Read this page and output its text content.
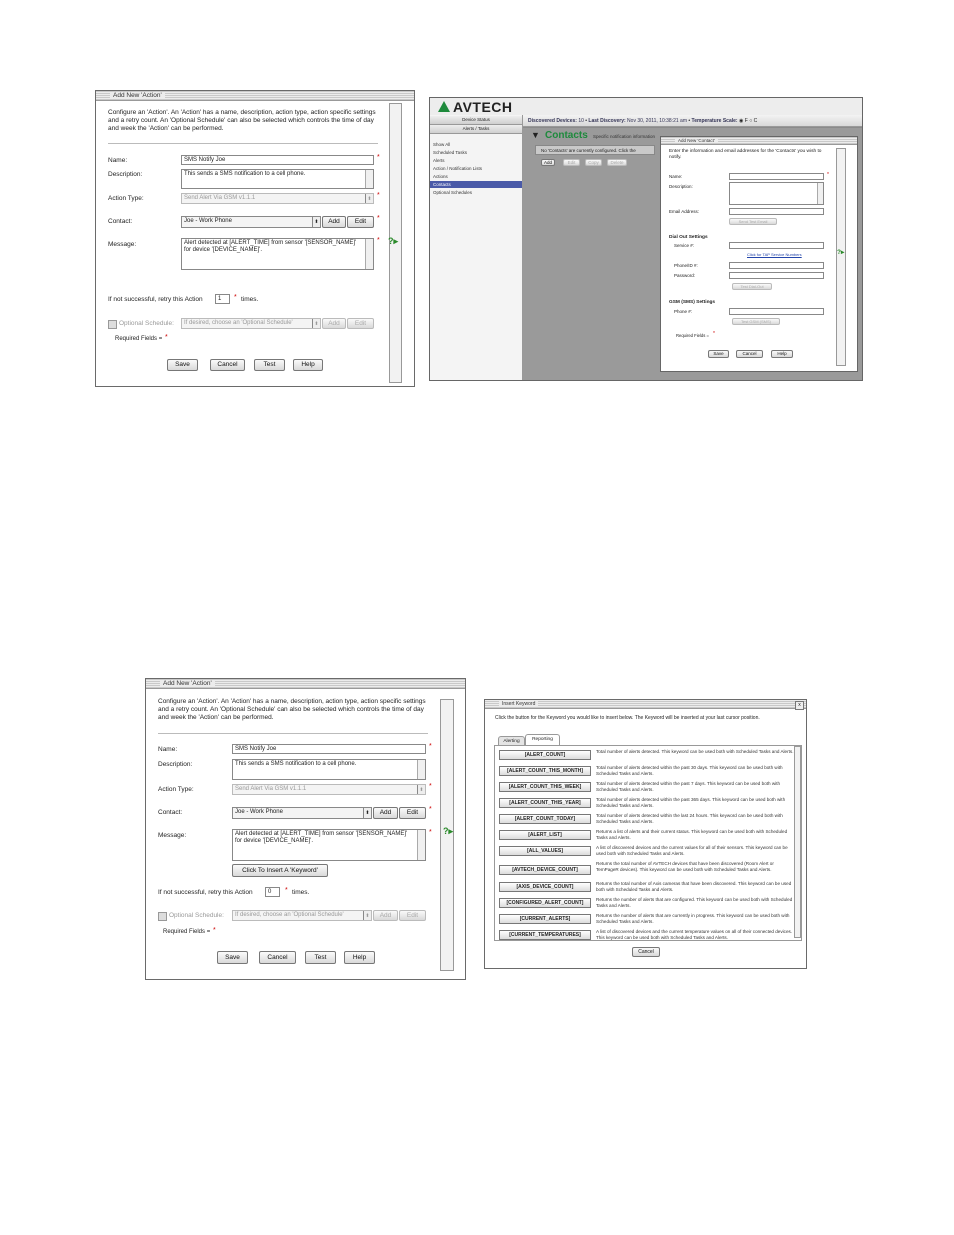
Add New 'Action'
Configure an 'Action'. An 'Action' has a name, description, action type, action specific settings and a retry count. An 'Optional Schedule' can also be selected which controls the time of day and week the 'Action' can be performed.
Name:	SMS Notify Joe	*
Description:	This sends a SMS notification to a cell phone.
Action Type:	Send Alert Via GSM v1.1.1	⬍ *
Contact:	Joe - Work Phone	⬍	Add	Edit	*
Message:	Alert detected at [ALERT_TIME] from sensor '[SENSOR_NAME]' for device '[DEVICE_NAME]'.
* ?▸
If not successful, retry this Action	1	* times.
Optional Schedule:	If desired, choose an 'Optional Schedule'	⬍	Add	Edit
Required Fields = *
Save	Cancel	Test	Help
AVTECH
Device Status
Alerts / Tasks
Show All
Scheduled Tasks
Alerts
Action / Notification Lists
Actions
Contacts
Optional Schedules
Discovered Devices: 10 • Last Discovery: Nov 30, 2011, 10:38:21 am • Temperature Scale: ◉ F ○ C
▼ Contacts Specific notification information
No 'Contacts' are currently configured. Click the
Add	Edit	Copy	Delete
Add New 'Contact'
Enter the information and email addresses for the 'Contacts' you wish to notify.
Name:	*
Description:
Email Address:
Send Test Email
Dial Out Settings
Service #:
Click for TAP Service Numbers	?▸
Phone/ID #:
Password:
Test Dial-Out
GSM (SMS) Settings
Phone #:
Test GSM (SMS)
Required Fields = *
Save	Cancel	Help
Add New 'Action'
Configure an 'Action'. An 'Action' has a name, description, action type, action specific settings and a retry count. An 'Optional Schedule' can also be selected which controls the time of day and week the 'Action' can be performed.
Name:	SMS Notify Joe	*
Description:	This sends a SMS notification to a cell phone.
Action Type:	Send Alert Via GSM v1.1.1	⬍ *
Contact:	Joe - Work Phone	⬍	Add	Edit	*
Message:	Alert detected at [ALERT_TIME] from sensor '[SENSOR_NAME]' for device '[DEVICE_NAME]'.
* ?▸
Click To Insert A 'Keyword'
If not successful, retry this Action	0	* times.
Optional Schedule:	If desired, choose an 'Optional Schedule'	⬍	Add	Edit
Required Fields = *
Save	Cancel	Test	Help
Insert Keyword	x
Click the button for the Keyword you would like to insert below. The Keyword will be inserted at your last cursor position.
Alerting	Reporting
[ALERT_COUNT]
Total number of alerts detected. This keyword can be used both with Scheduled Tasks and Alerts.
[ALERT_COUNT_THIS_MONTH]
Total number of alerts detected within the past 30 days. This keyword can be used both with Scheduled Tasks and Alerts.
[ALERT_COUNT_THIS_WEEK]
Total number of alerts detected within the past 7 days. This keyword can be used both with Scheduled Tasks and Alerts.
[ALERT_COUNT_THIS_YEAR]
Total number of alerts detected within the past 365 days. This keyword can be used both with Scheduled Tasks and Alerts.
[ALERT_COUNT_TODAY]
Total number of alerts detected within the last 24 hours. This keyword can be used both with Scheduled Tasks and Alerts.
[ALERT_LIST]
Returns a list of alerts and their current status. This keyword can be used both with Scheduled Tasks and Alerts.
[ALL_VALUES]
A list of discovered devices and the current values for all of their sensors. This keyword can be used both with Scheduled Tasks and Alerts.
[AVTECH_DEVICE_COUNT]
Returns the total number of AVTECH devices that have been discovered (Room Alert or TemPageR devices). This keyword can be used both with Scheduled Tasks and Alerts.
[AXIS_DEVICE_COUNT]
Returns the total number of Axis cameras that have been discovered. This keyword can be used both with Scheduled Tasks and Alerts.
[CONFIGURED_ALERT_COUNT]
Returns the number of alerts that are configured. This keyword can be used both with Scheduled Tasks and Alerts.
[CURRENT_ALERTS]
Returns the number of alerts that are currently in progress. This keyword can be used both with Scheduled Tasks and Alerts.
[CURRENT_TEMPERATURES]
A list of discovered devices and the current temperature values on all of their connected devices. This keyword can be used both with Scheduled Tasks and Alerts.
Cancel
